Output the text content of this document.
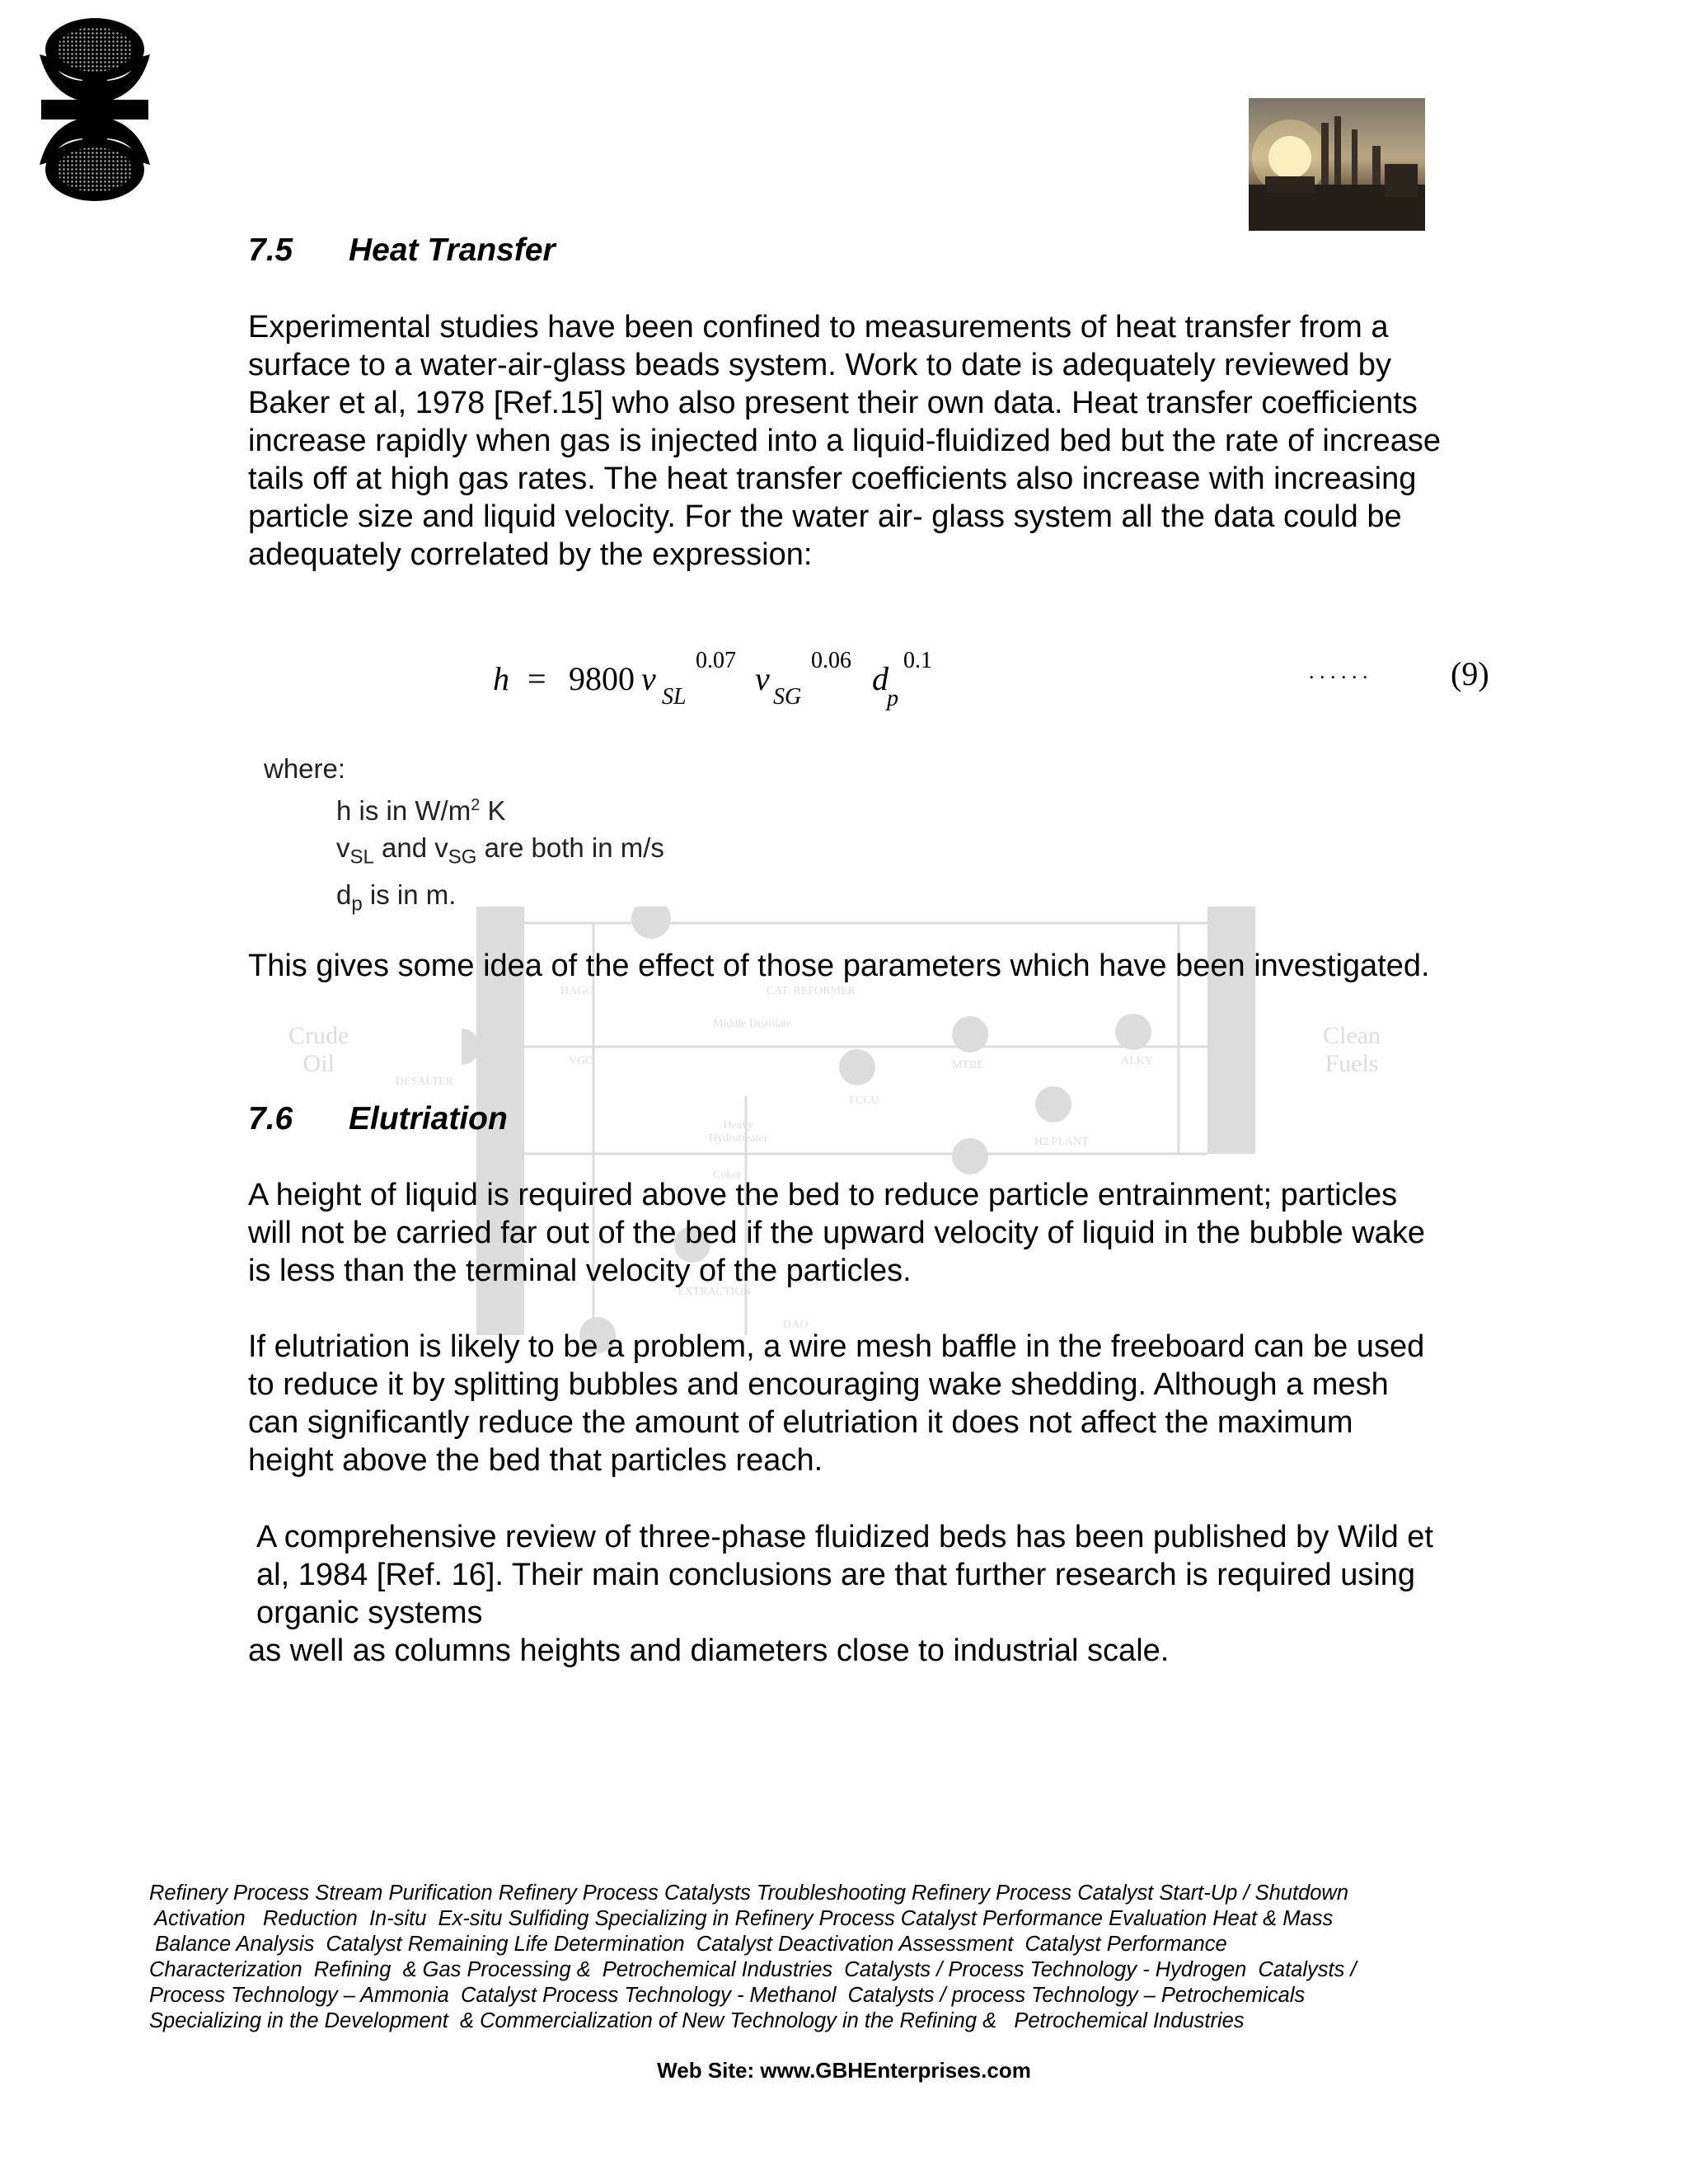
Crude
Oil
Clean
Fuels
DESALTER
CAT. REFORMER
Middle Distillate
MTBE	ALKY
FCCU
H2 PLANT
Heavy
Hydrotreater
Coker
EXTRACTION
DAO
VGO
HAGO
7.5 Heat Transfer

Experimental studies have been confined to measurements of heat transfer from a surface to a water-air-glass beads system. Work to date is adequately reviewed by Baker et al, 1978 [Ref.15] who also present their own data. Heat transfer coefficients increase rapidly when gas is injected into a liquid-fluidized bed but the rate of increase tails off at high gas rates. The heat transfer coefficients also increase with increasing particle size and liquid velocity. For the water air- glass system all the data could be adequately correlated by the expression:

h = 9800 v SL
0.07 v SG
0.06 d
p
0.1	. . . . . .	(9)
where:
h is in $W/m^2$ K
$v_{SL}$ and $v_{SG}$ are both in m/s
$d_p$ is in m.

This gives some idea of the effect of those parameters which have been investigated.

7.6 Elutriation

A height of liquid is required above the bed to reduce particle entrainment; particles will not be carried far out of the bed if the upward velocity of liquid in the bubble wake is less than the terminal velocity of the particles.

If elutriation is likely to be a problem, a wire mesh baffle in the freeboard can be used to reduce it by splitting bubbles and encouraging wake shedding. Although a mesh can significantly reduce the amount of elutriation it does not affect the maximum height above the bed that particles reach.

A comprehensive review of three-phase fluidized beds has been published by Wild et al, 1984 [Ref. 16]. Their main conclusions are that further research is required using organic systems
as well as columns heights and diameters close to industrial scale.
Refinery Process Stream Purification Refinery Process Catalysts Troubleshooting Refinery Process Catalyst Start-Up / Shutdown
Activation   Reduction  In-situ  Ex-situ Sulfiding Specializing in Refinery Process Catalyst Performance Evaluation Heat & Mass
Balance Analysis  Catalyst Remaining Life Determination  Catalyst Deactivation Assessment  Catalyst Performance
Characterization  Refining  & Gas Processing &  Petrochemical Industries  Catalysts / Process Technology - Hydrogen  Catalysts /
Process Technology – Ammonia  Catalyst Process Technology - Methanol  Catalysts / process Technology – Petrochemicals
Specializing in the Development  & Commercialization of New Technology in the Refining &   Petrochemical Industries
Web Site: www.GBHEnterprises.com
